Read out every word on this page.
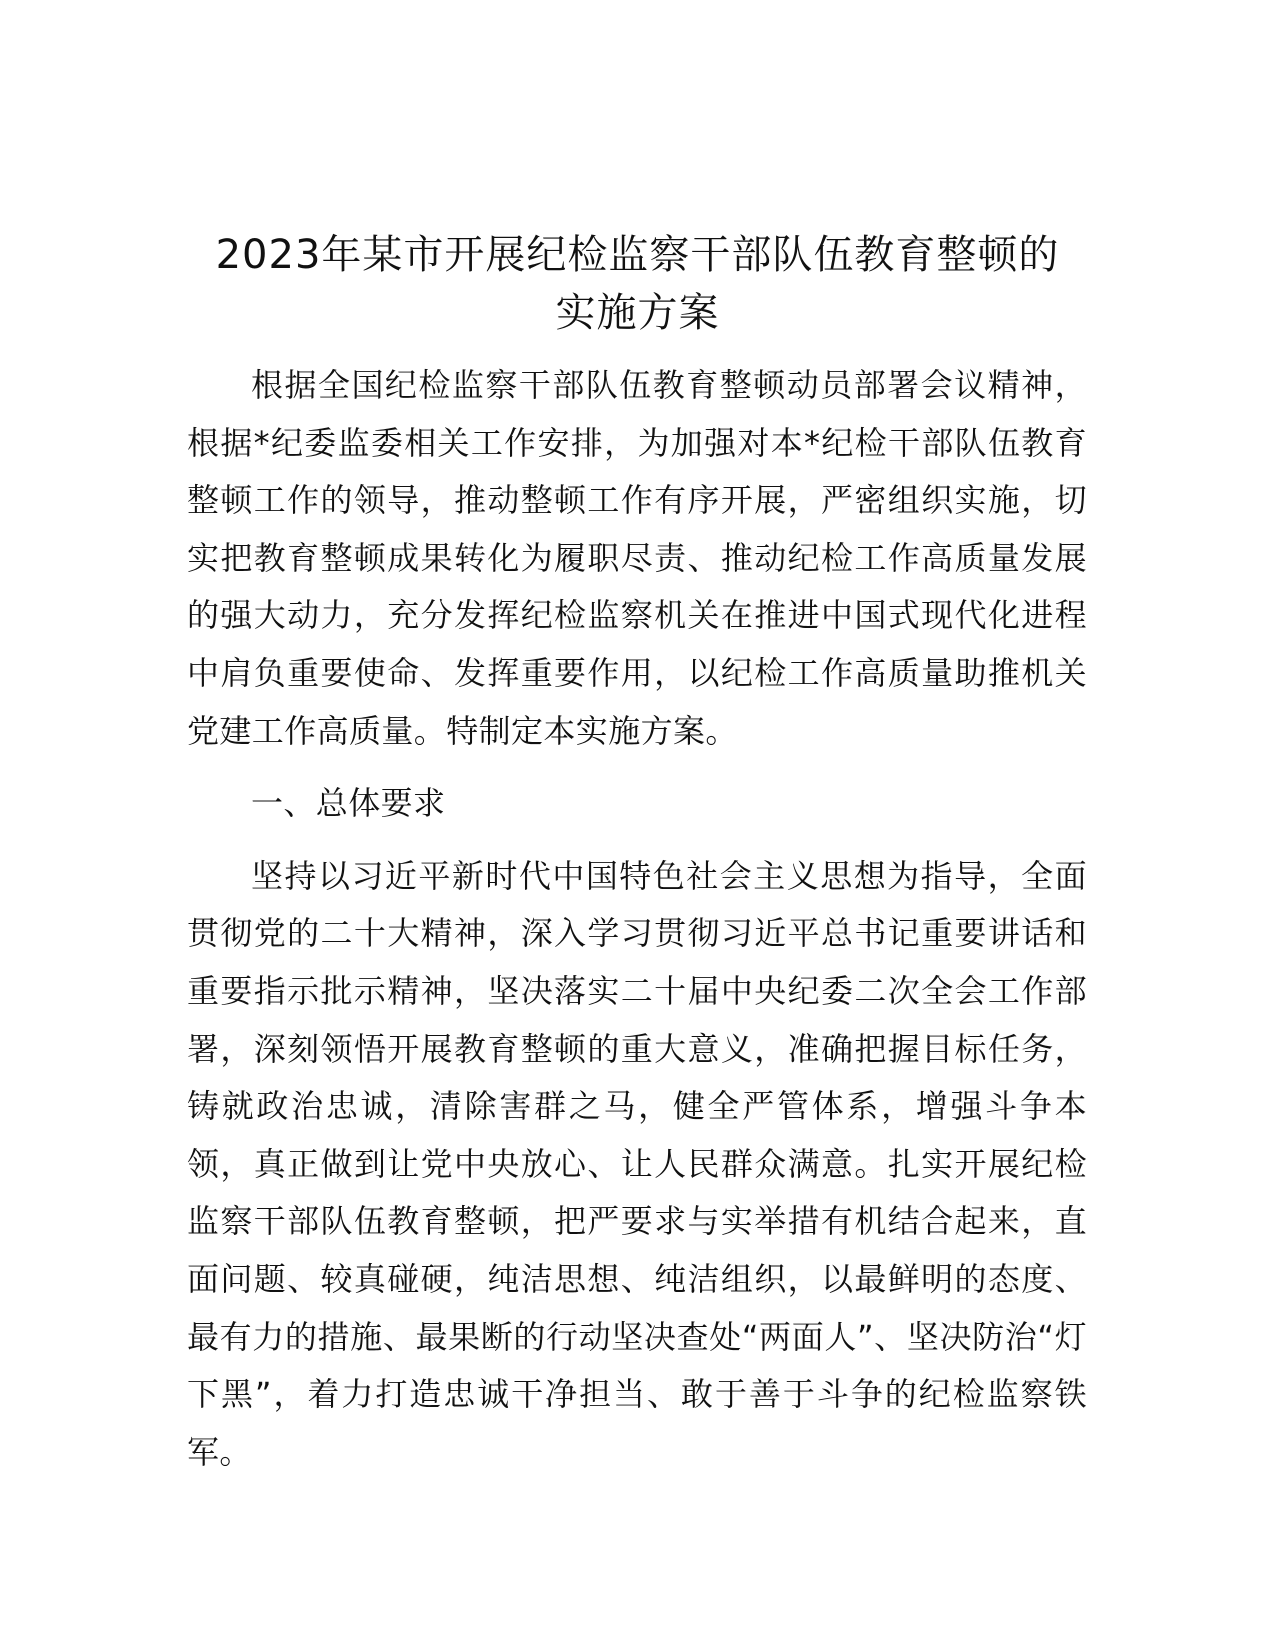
2023年某市开展纪检监察干部队伍教育整顿的
实施方案

根据全国纪检监察干部队伍教育整顿动员部署会议精神，根据*纪委监委相关工作安排，为加强对本*纪检干部队伍教育整顿工作的领导，推动整顿工作有序开展，严密组织实施，切实把教育整顿成果转化为履职尽责、推动纪检工作高质量发展的强大动力，充分发挥纪检监察机关在推进中国式现代化进程中肩负重要使命、发挥重要作用，以纪检工作高质量助推机关党建工作高质量。特制定本实施方案。

一、总体要求

坚持以习近平新时代中国特色社会主义思想为指导，全面贯彻党的二十大精神，深入学习贯彻习近平总书记重要讲话和重要指示批示精神，坚决落实二十届中央纪委二次全会工作部署，深刻领悟开展教育整顿的重大意义，准确把握目标任务，铸就政治忠诚，清除害群之马，健全严管体系，增强斗争本领，真正做到让党中央放心、让人民群众满意。扎实开展纪检监察干部队伍教育整顿，把严要求与实举措有机结合起来，直面问题、较真碰硬，纯洁思想、纯洁组织，以最鲜明的态度、最有力的措施、最果断的行动坚决查处“两面人”、坚决防治“灯下黑”，着力打造忠诚干净担当、敢于善于斗争的纪检监察铁军。
